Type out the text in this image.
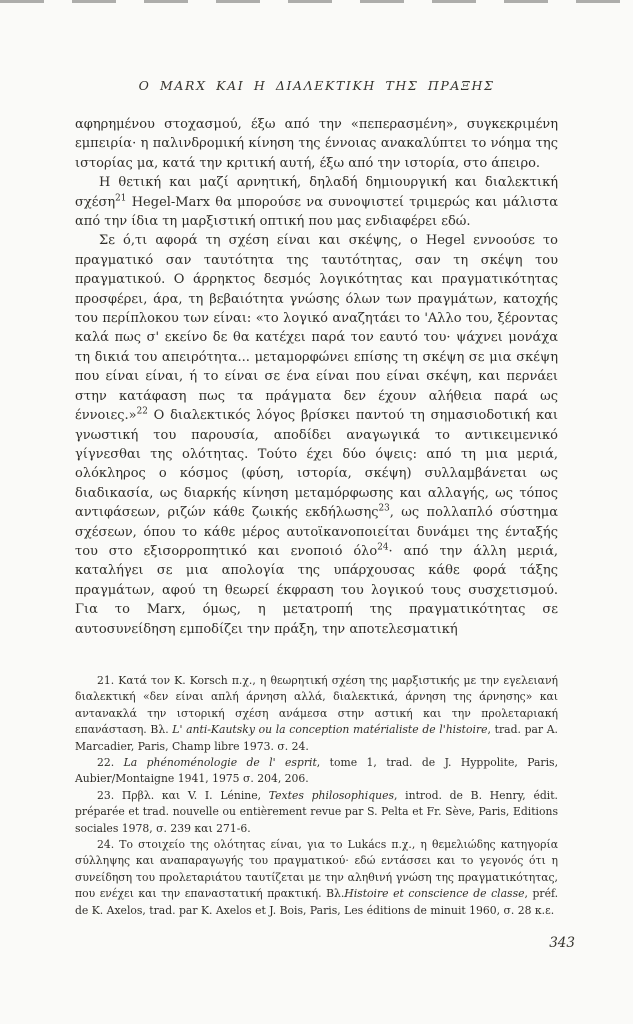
Ο MARX ΚΑΙ Η ΔΙΑΛΕΚΤΙΚΗ ΤΗΣ ΠΡΑΞΗΣ

αφηρημένου στοχασμού, έξω από την «πεπερασμένη», συγκεκριμένη εμπειρία· η παλινδρομική κίνηση της έννοιας ανακαλύπτει το νόημα της ιστορίας μα, κατά την κριτική αυτή, έξω από την ιστορία, στο άπειρο.

Η θετική και μαζί αρνητική, δηλαδή δημιουργική και διαλεκτική σχέση$^{21}$ Hegel-Marx θα μπορούσε να συνοψιστεί τριμερώς και μάλιστα από την ίδια τη μαρξιστική οπτική που μας ενδιαφέρει εδώ.

Σε ό,τι αφορά τη σχέση είναι και σκέψης, ο Hegel εννοούσε το πραγματικό σαν ταυτότητα της ταυτότητας, σαν τη σκέψη του πραγματικού. Ο άρρηκτος δεσμός λογικότητας και πραγματικότητας προσφέρει, άρα, τη βεβαιότητα γνώσης όλων των πραγμάτων, κατοχής του περίπλοκου των είναι: «το λογικό αναζητάει το 'Αλλο του, ξέροντας καλά πως σ' εκείνο δε θα κατέχει παρά τον εαυτό του· ψάχνει μονάχα τη δικιά του απειρότητα... μεταμορφώνει επίσης τη σκέψη σε μια σκέψη που είναι είναι, ή το είναι σε ένα είναι που είναι σκέψη, και περνάει στην κατάφαση πως τα πράγματα δεν έχουν αλήθεια παρά ως έννοιες.»$^{22}$ Ο διαλεκτικός λόγος βρίσκει παντού τη σημασιοδοτική και γνωστική του παρουσία, αποδίδει αναγωγικά το αντικειμενικό γίγνεσθαι της ολότητας. Τούτο έχει δύο όψεις: από τη μια μεριά, ολόκληρος ο κόσμος (φύση, ιστορία, σκέψη) συλλαμβάνεται ως διαδικασία, ως διαρκής κίνηση μεταμόρφωσης και αλλαγής, ως τόπος αντιφάσεων, ριζών κάθε ζωικής εκδήλωσης$^{23}$, ως πολλαπλό σύστημα σχέσεων, όπου το κάθε μέρος αυτοϊκανοποιείται δυνάμει της ένταξής του στο εξισορροπητικό και ενοποιό όλο$^{24}$· από την άλλη μεριά, καταλήγει σε μια απολογία της υπάρχουσας κάθε φορά τάξης πραγμάτων, αφού τη θεωρεί έκφραση του λογικού τους συσχετισμού. Για το Marx, όμως, η μετατροπή της πραγματικότητας σε αυτοσυνείδηση εμποδίζει την πράξη, την αποτελεσματική

21. Κατά τον Κ. Korsch π.χ., η θεωρητική σχέση της μαρξιστικής με την εγελειανή διαλεκτική «δεν είναι απλή άρνηση αλλά, διαλεκτικά, άρνηση της άρνησης» και αντανακλά την ιστορική σχέση ανάμεσα στην αστική και την προλεταριακή επανάσταση. Βλ. L' anti-Kautsky ou la conception matérialiste de l'histoire, trad. par A. Marcadier, Paris, Champ libre 1973. σ. 24.

22. La phénoménologie de l' esprit, tome 1, trad. de J. Hyppolite, Paris, Aubier/Montaigne 1941, 1975 σ. 204, 206.

23. Πρβλ. και V. I. Lénine, Textes philosophiques, introd. de B. Henry, édit. préparée et trad. nouvelle ou entièrement revue par S. Pelta et Fr. Sève, Paris, Editions sociales 1978, σ. 239 και 271-6.

24. Το στοιχείο της ολότητας είναι, για το Lukács π.χ., η θεμελιώδης κατηγορία σύλληψης και αναπαραγωγής του πραγματικού· εδώ εντάσσει και το γεγονός ότι η συνείδηση του προλεταριάτου ταυτίζεται με την αληθινή γνώση της πραγματικότητας, που ενέχει και την επαναστατική πρακτική. Βλ.Histoire et conscience de classe, préf. de K. Axelos, trad. par K. Axelos et J. Bois, Paris, Les éditions de minuit 1960, σ. 28 κ.ε.

343
